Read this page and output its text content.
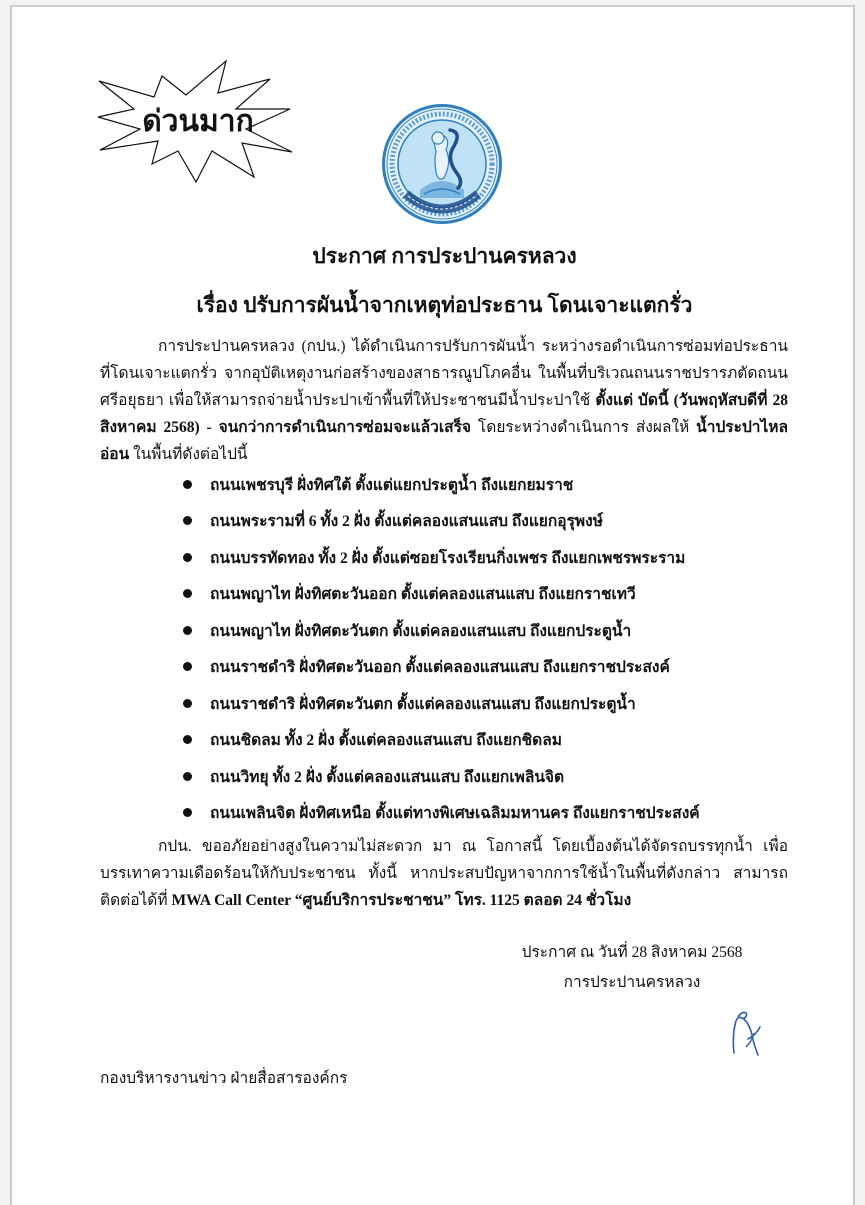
ด่วนมาก
ประกาศ การประปานครหลวง
เรื่อง ปรับการผันน้ำจากเหตุท่อประธาน โดนเจาะแตกรั่ว
การประปานครหลวง (กปน.) ได้ดำเนินการปรับการผันน้ำ ระหว่างรอดำเนินการซ่อมท่อประธาน ที่โดนเจาะแตกรั่ว จากอุบัติเหตุงานก่อสร้างของสาธารณูปโภคอื่น ในพื้นที่บริเวณถนนราชปรารภตัดถนนศรีอยุธยา เพื่อให้สามารถจ่ายน้ำประปาเข้าพื้นที่ให้ประชาชนมีน้ำประปาใช้ ตั้งแต่ บัดนี้ (วันพฤหัสบดีที่ 28 สิงหาคม 2568) - จนกว่าการดำเนินการซ่อมจะแล้วเสร็จ โดยระหว่างดำเนินการ ส่งผลให้ น้ำประปาไหลอ่อน ในพื้นที่ดังต่อไปนี้
ถนนเพชรบุรี ฝั่งทิศใต้ ตั้งแต่แยกประตูน้ำ ถึงแยกยมราช
ถนนพระรามที่ 6 ทั้ง 2 ฝั่ง ตั้งแต่คลองแสนแสบ ถึงแยกอุรุพงษ์
ถนนบรรทัดทอง ทั้ง 2 ฝั่ง ตั้งแต่ซอยโรงเรียนกิ่งเพชร ถึงแยกเพชรพระราม
ถนนพญาไท ฝั่งทิศตะวันออก ตั้งแต่คลองแสนแสบ ถึงแยกราชเทวี
ถนนพญาไท ฝั่งทิศตะวันตก ตั้งแต่คลองแสนแสบ ถึงแยกประตูน้ำ
ถนนราชดำริ ฝั่งทิศตะวันออก ตั้งแต่คลองแสนแสบ ถึงแยกราชประสงค์
ถนนราชดำริ ฝั่งทิศตะวันตก ตั้งแต่คลองแสนแสบ ถึงแยกประตูน้ำ
ถนนชิดลม ทั้ง 2 ฝั่ง ตั้งแต่คลองแสนแสบ ถึงแยกชิดลม
ถนนวิทยุ ทั้ง 2 ฝั่ง ตั้งแต่คลองแสนแสบ ถึงแยกเพลินจิต
ถนนเพลินจิต ฝั่งทิศเหนือ ตั้งแต่ทางพิเศษเฉลิมมหานคร ถึงแยกราชประสงค์
กปน. ขออภัยอย่างสูงในความไม่สะดวก มา ณ โอกาสนี้ โดยเบื้องต้นได้จัดรถบรรทุกน้ำ เพื่อบรรเทาความเดือดร้อนให้กับประชาชน ทั้งนี้ หากประสบปัญหาจากการใช้น้ำในพื้นที่ดังกล่าว สามารถติดต่อได้ที่ MWA Call Center “ศูนย์บริการประชาชน” โทร. 1125 ตลอด 24 ชั่วโมง
ประกาศ ณ วันที่ 28 สิงหาคม 2568
การประปานครหลวง
กองบริหารงานข่าว ฝ่ายสื่อสารองค์กร
